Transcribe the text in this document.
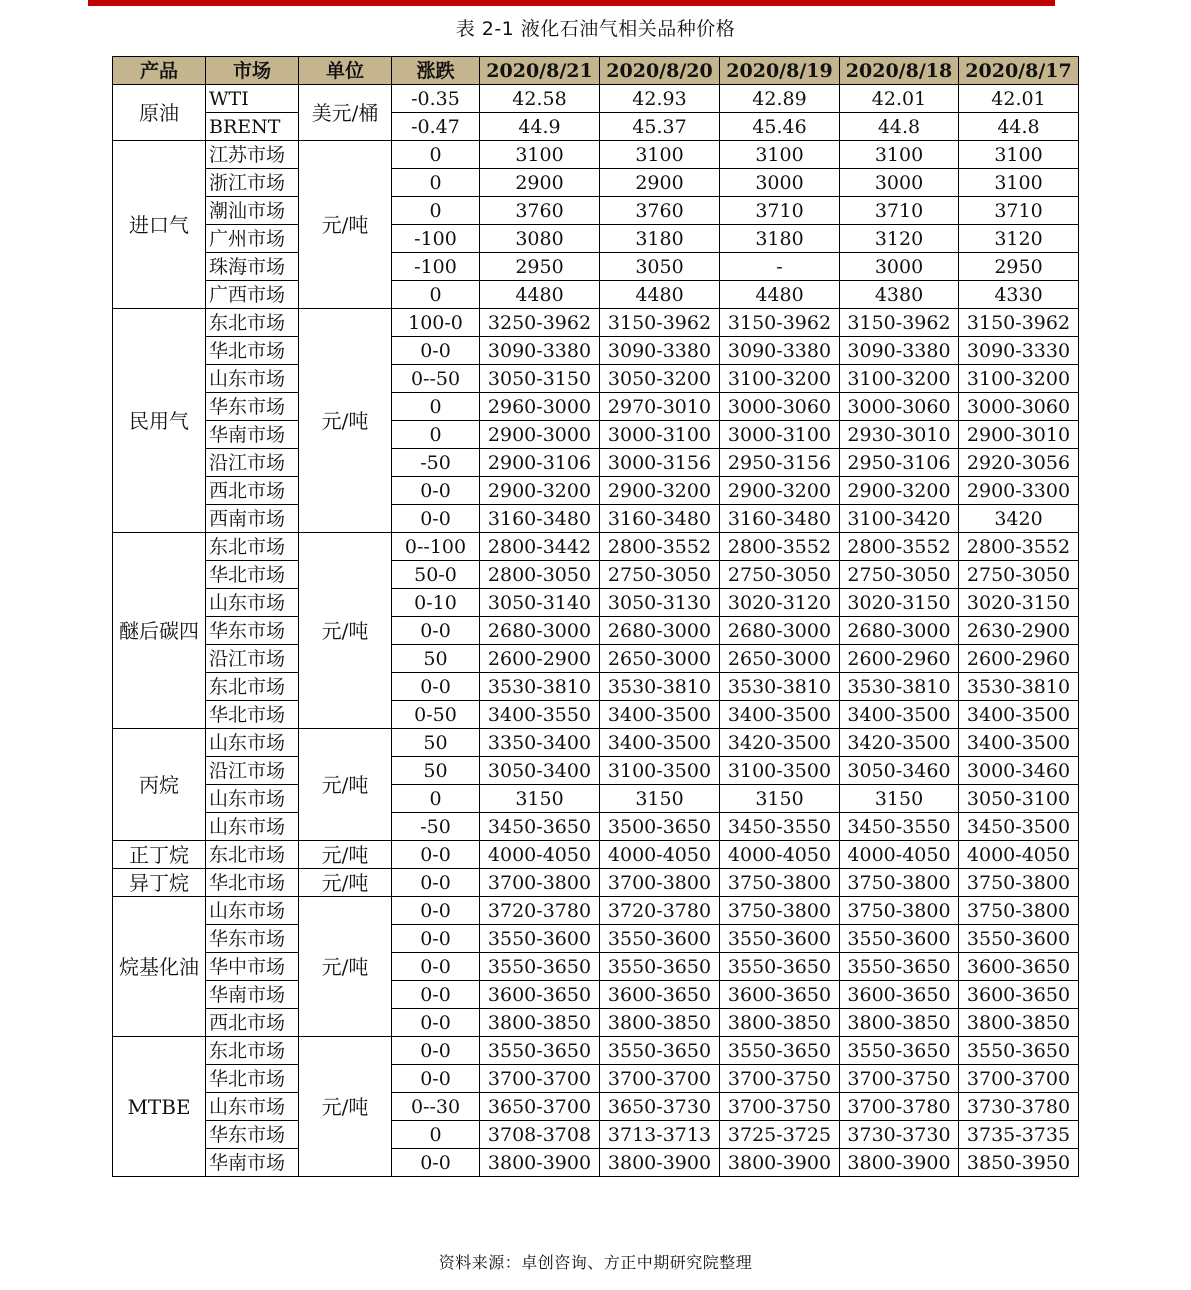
表 2-1 液化石油气相关品种价格
产品	市场	单位	涨跌	2020/8/21	2020/8/20	2020/8/19	2020/8/18	2020/8/17
原油	WTI	美元/桶	-0.35	42.58	42.93	42.89	42.01	42.01
	BRENT		-0.47	44.9	45.37	45.46	44.8	44.8
进口气	江苏市场	元/吨	0	3100	3100	3100	3100	3100
	浙江市场		0	2900	2900	3000	3000	3100
	潮汕市场		0	3760	3760	3710	3710	3710
	广州市场		-100	3080	3180	3180	3120	3120
	珠海市场		-100	2950	3050	-	3000	2950
	广西市场		0	4480	4480	4480	4380	4330
民用气	东北市场	元/吨	100-0	3250-3962	3150-3962	3150-3962	3150-3962	3150-3962
	华北市场		0-0	3090-3380	3090-3380	3090-3380	3090-3380	3090-3330
	山东市场		0--50	3050-3150	3050-3200	3100-3200	3100-3200	3100-3200
	华东市场		0	2960-3000	2970-3010	3000-3060	3000-3060	3000-3060
	华南市场		0	2900-3000	3000-3100	3000-3100	2930-3010	2900-3010
	沿江市场		-50	2900-3106	3000-3156	2950-3156	2950-3106	2920-3056
	西北市场		0-0	2900-3200	2900-3200	2900-3200	2900-3200	2900-3300
	西南市场		0-0	3160-3480	3160-3480	3160-3480	3100-3420	3420
醚后碳四	东北市场	元/吨	0--100	2800-3442	2800-3552	2800-3552	2800-3552	2800-3552
	华北市场		50-0	2800-3050	2750-3050	2750-3050	2750-3050	2750-3050
	山东市场		0-10	3050-3140	3050-3130	3020-3120	3020-3150	3020-3150
	华东市场		0-0	2680-3000	2680-3000	2680-3000	2680-3000	2630-2900
	沿江市场		50	2600-2900	2650-3000	2650-3000	2600-2960	2600-2960
	东北市场		0-0	3530-3810	3530-3810	3530-3810	3530-3810	3530-3810
	华北市场		0-50	3400-3550	3400-3500	3400-3500	3400-3500	3400-3500
丙烷	山东市场	元/吨	50	3350-3400	3400-3500	3420-3500	3420-3500	3400-3500
	沿江市场		50	3050-3400	3100-3500	3100-3500	3050-3460	3000-3460
	山东市场		0	3150	3150	3150	3150	3050-3100
	山东市场		-50	3450-3650	3500-3650	3450-3550	3450-3550	3450-3500
正丁烷	东北市场	元/吨	0-0	4000-4050	4000-4050	4000-4050	4000-4050	4000-4050
异丁烷	华北市场	元/吨	0-0	3700-3800	3700-3800	3750-3800	3750-3800	3750-3800
烷基化油	山东市场	元/吨	0-0	3720-3780	3720-3780	3750-3800	3750-3800	3750-3800
	华东市场		0-0	3550-3600	3550-3600	3550-3600	3550-3600	3550-3600
	华中市场		0-0	3550-3650	3550-3650	3550-3650	3550-3650	3600-3650
	华南市场		0-0	3600-3650	3600-3650	3600-3650	3600-3650	3600-3650
	西北市场		0-0	3800-3850	3800-3850	3800-3850	3800-3850	3800-3850
MTBE	东北市场	元/吨	0-0	3550-3650	3550-3650	3550-3650	3550-3650	3550-3650
	华北市场		0-0	3700-3700	3700-3700	3700-3750	3700-3750	3700-3700
	山东市场		0--30	3650-3700	3650-3730	3700-3750	3700-3780	3730-3780
	华东市场		0	3708-3708	3713-3713	3725-3725	3730-3730	3735-3735
	华南市场		0-0	3800-3900	3800-3900	3800-3900	3800-3900	3850-3950
资料来源：卓创咨询、方正中期研究院整理
